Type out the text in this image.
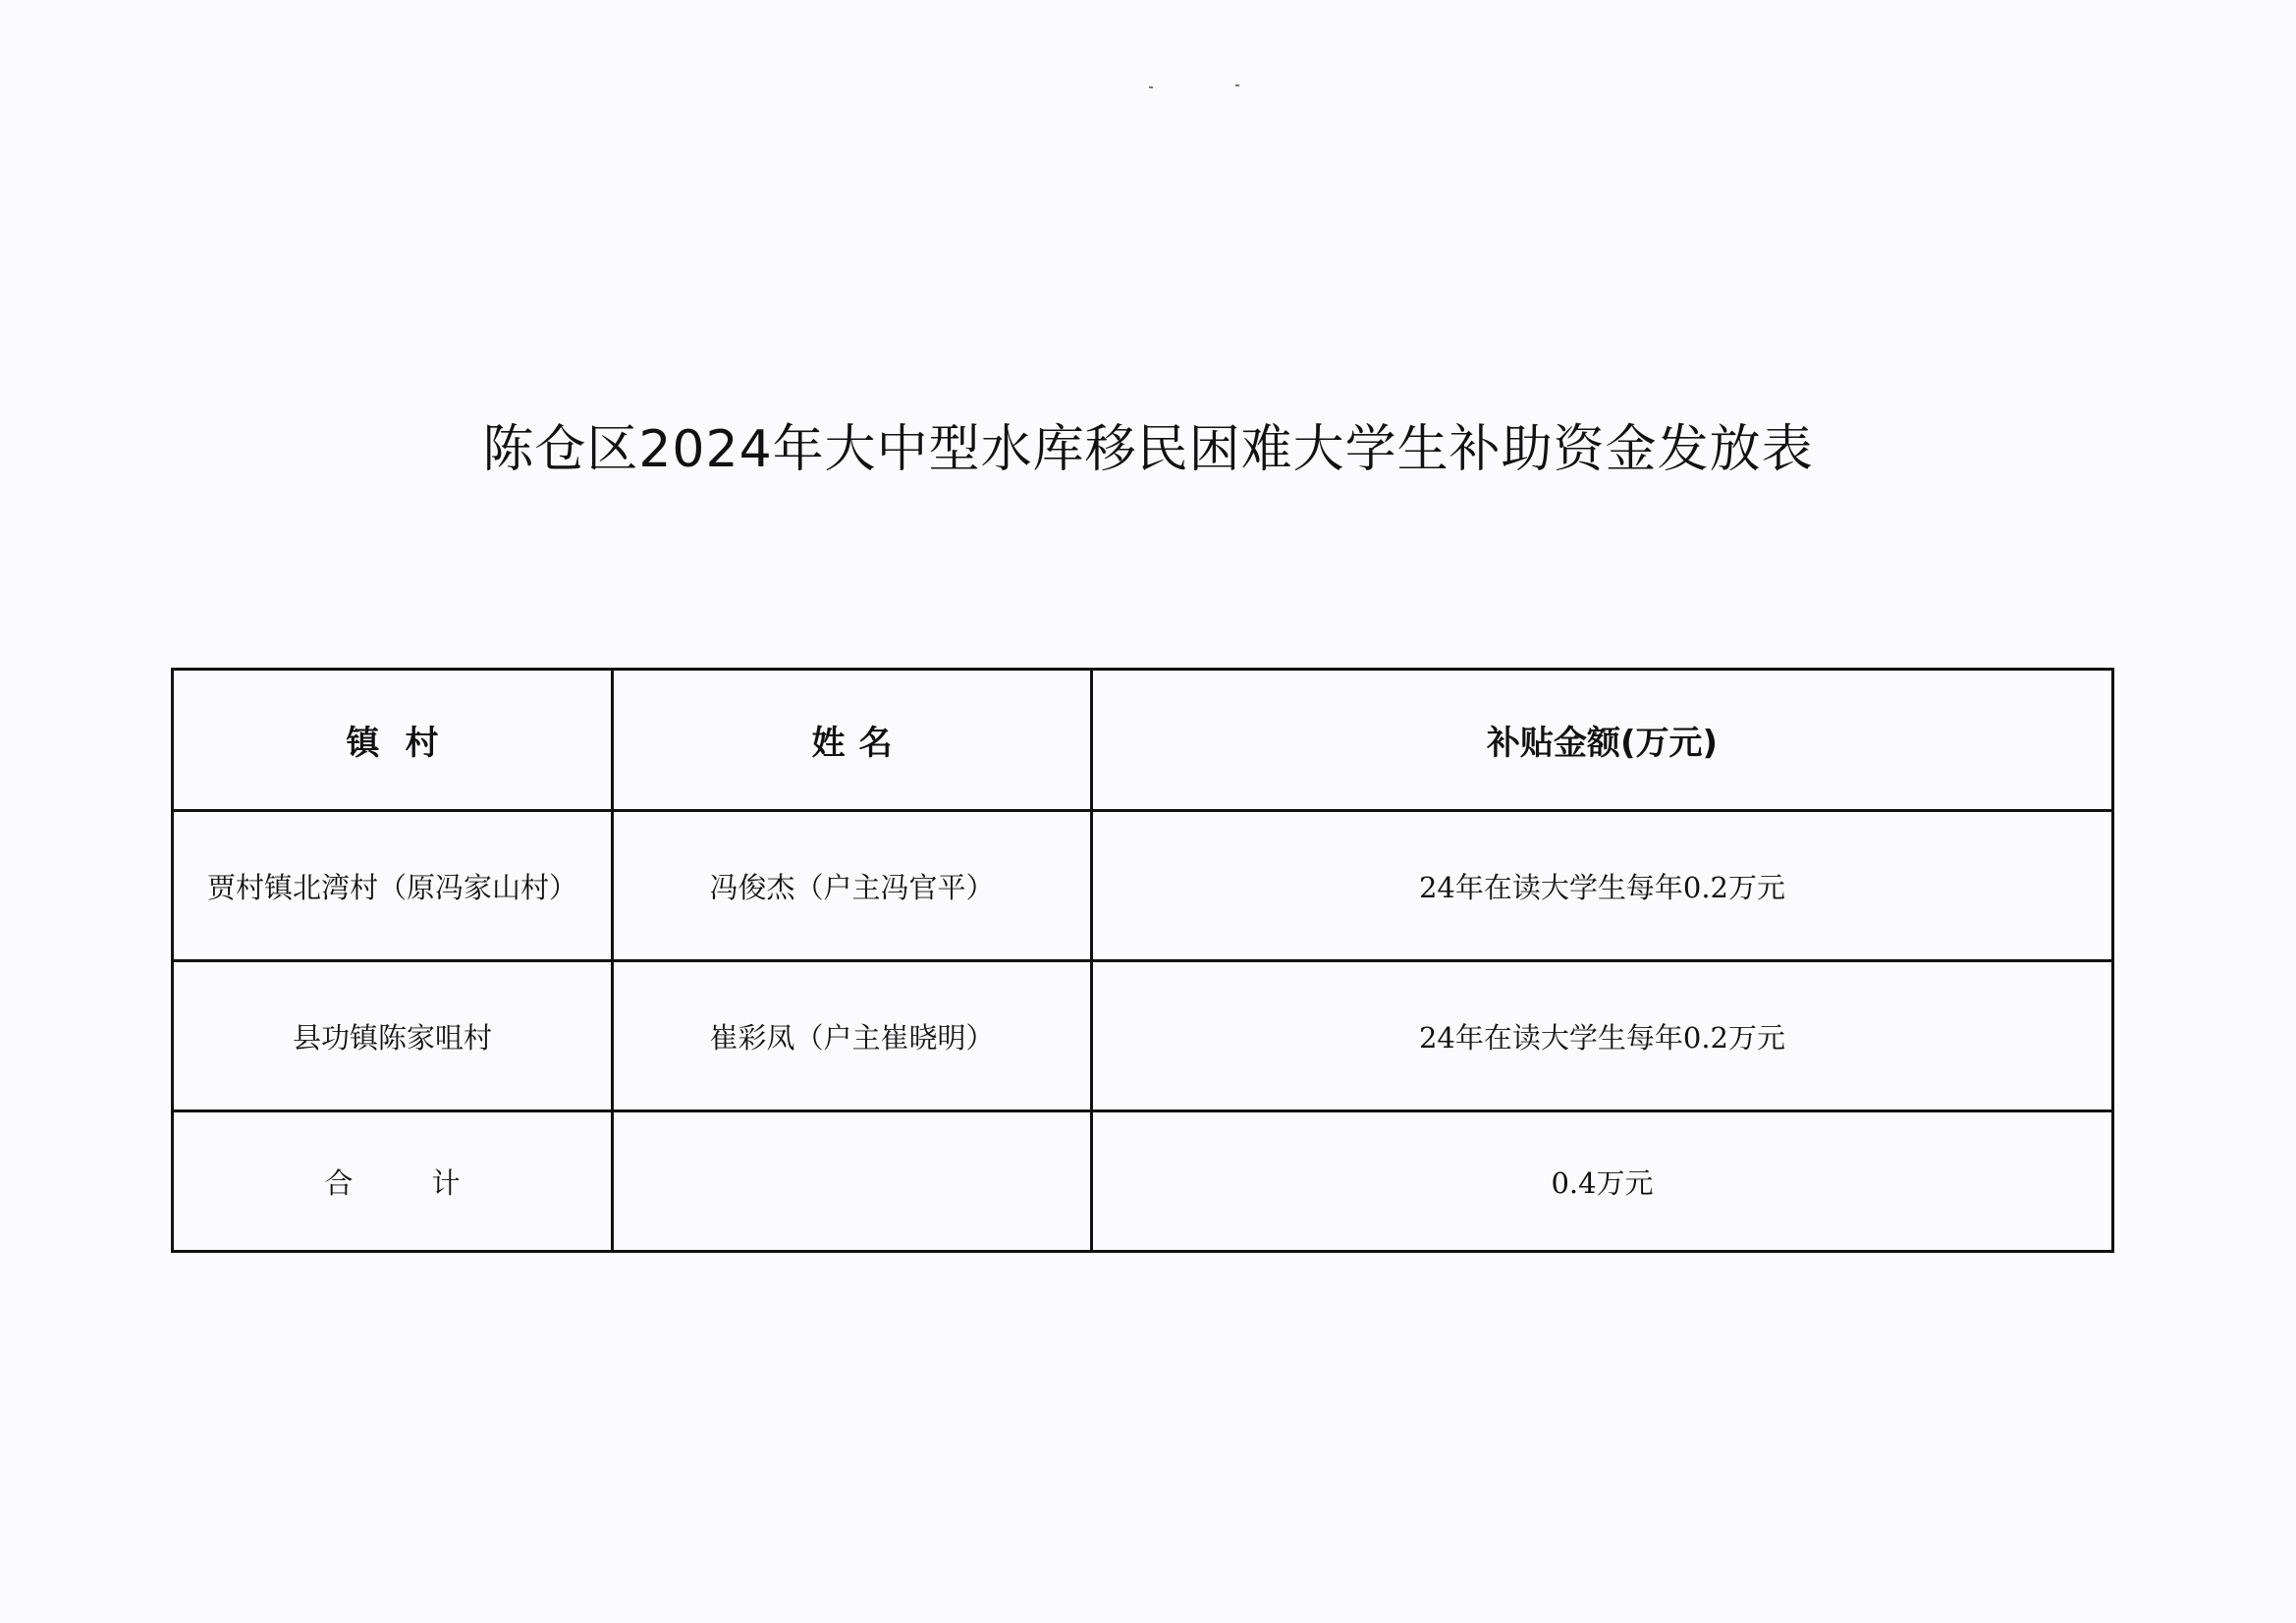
陈仓区2024年大中型水库移民困难大学生补助资金发放表
镇村	姓名	补贴金额(万元)
贾村镇北湾村（原冯家山村）	冯俊杰（户主冯官平）	24年在读大学生每年0.2万元
县功镇陈家咀村	崔彩凤（户主崔晓明）	24年在读大学生每年0.2万元
合计		0.4万元
